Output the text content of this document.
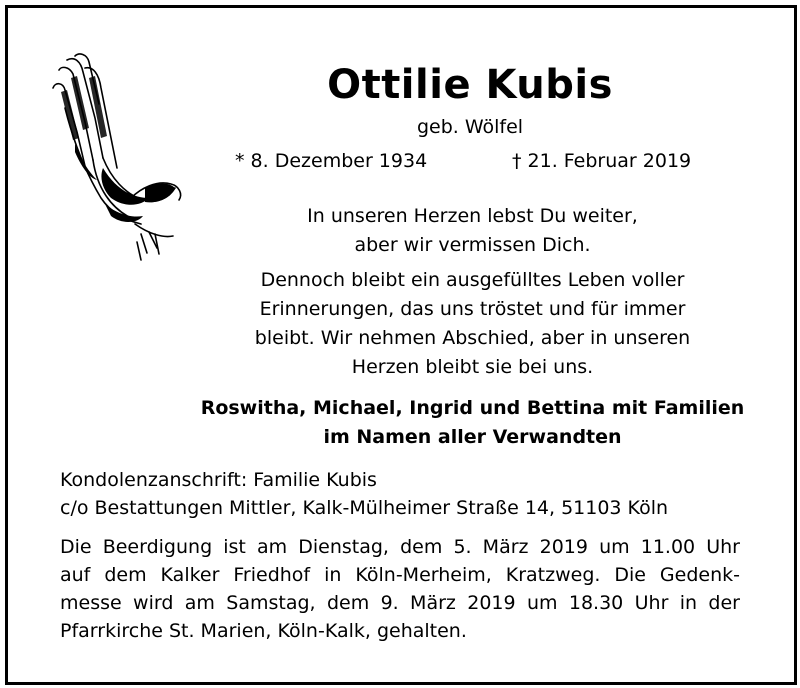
Ottilie Kubis
geb. Wölfel
* 8. Dezember 1934	† 21. Februar 2019
In unseren Herzen lebst Du weiter,
aber wir vermissen Dich.
Dennoch bleibt ein ausgefülltes Leben voller
Erinnerungen, das uns tröstet und für immer
bleibt. Wir nehmen Abschied, aber in unseren
Herzen bleibt sie bei uns.
Roswitha, Michael, Ingrid und Bettina mit Familien
im Namen aller Verwandten
Kondolenzanschrift: Familie Kubis
c/o Bestattungen Mittler, Kalk-Mülheimer Straße 14, 51103 Köln
Die Beerdigung ist am Dienstag, dem 5. März 2019 um 11.00 Uhr
auf dem Kalker Friedhof in Köln-Merheim, Kratzweg. Die Gedenk-
messe wird am Samstag, dem 9. März 2019 um 18.30 Uhr in der
Pfarrkirche St. Marien, Köln-Kalk, gehalten.
